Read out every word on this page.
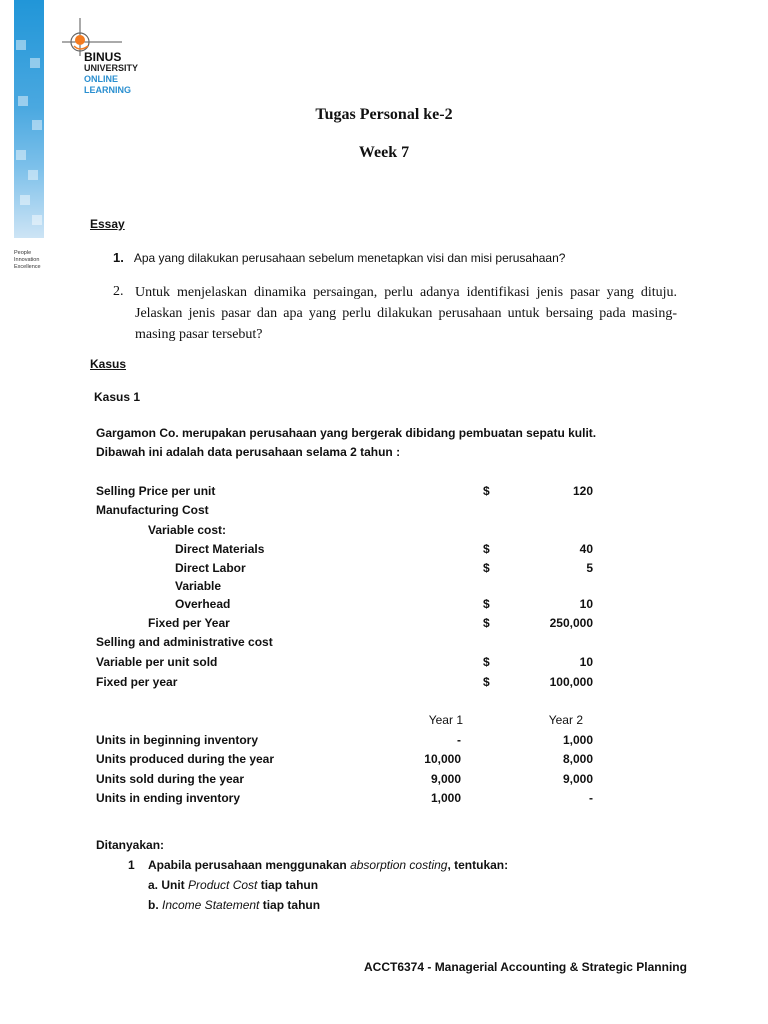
People
Innovation
Excellence
BINUS
UNIVERSITY
ONLINE
LEARNING
Tugas Personal ke-2
Week 7
Essay
1. Apa yang dilakukan perusahaan sebelum menetapkan visi dan misi perusahaan?
2. Untuk menjelaskan dinamika persaingan, perlu adanya identifikasi jenis pasar yang dituju. Jelaskan jenis pasar dan apa yang perlu dilakukan perusahaan untuk bersaing pada masing-masing pasar tersebut?
Kasus
Kasus 1
Gargamon Co. merupakan perusahaan yang bergerak dibidang pembuatan sepatu kulit.
Dibawah ini adalah data perusahaan selama 2 tahun :
Selling Price per unit	$	120
Manufacturing Cost
Variable cost:
Direct Materials	$	40
Direct Labor	$	5
Variable
Overhead	$	10
Fixed per Year	$	250,000
Selling and administrative cost
Variable per unit sold	$	10
Fixed per year	$	100,000
Year 1	Year 2
Units in beginning inventory	-	1,000
Units produced during the year	10,000	8,000
Units sold during the year	9,000	9,000
Units in ending inventory	1,000	-
Ditanyakan:
1 Apabila perusahaan menggunakan absorption costing, tentukan:
a. Unit Product Cost tiap tahun
b. Income Statement tiap tahun
ACCT6374 - Managerial Accounting & Strategic Planning
